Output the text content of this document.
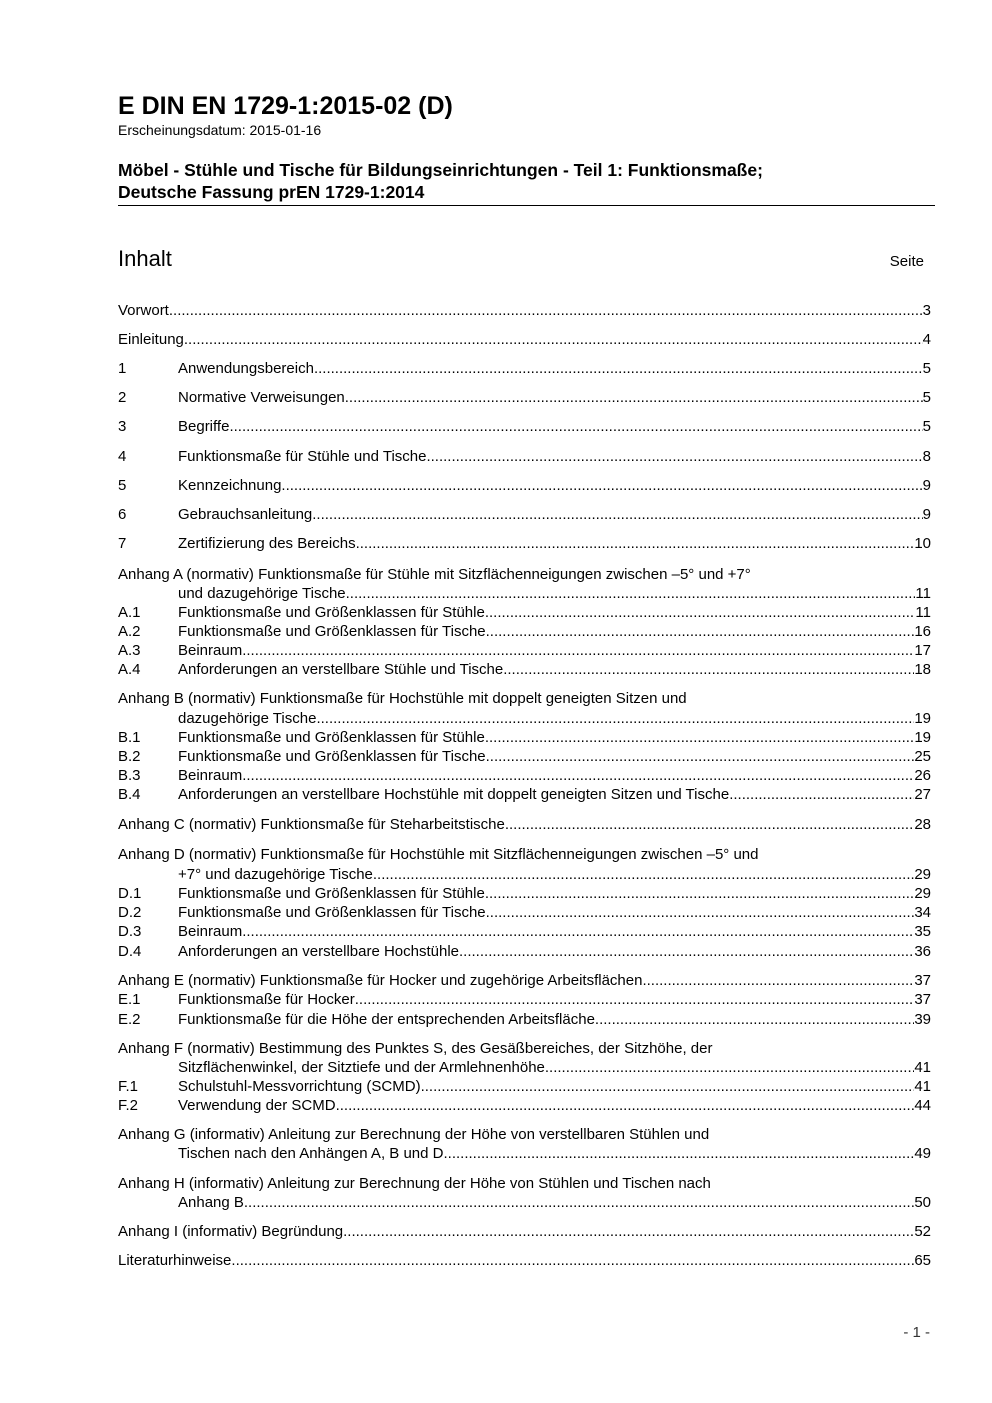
E DIN EN 1729-1:2015-02 (D)
Erscheinungsdatum: 2015-01-16
Möbel - Stühle und Tische für Bildungseinrichtungen - Teil 1: Funktionsmaße;
Deutsche Fassung prEN 1729-1:2014
Inhalt	Seite
Vorwort .....	3
Einleitung .....	4
1	Anwendungsbereich .....	5
2	Normative Verweisungen .....	5
3	Begriffe .....	5
4	Funktionsmaße für Stühle und Tische .....	8
5	Kennzeichnung .....	9
6	Gebrauchsanleitung .....	9
7	Zertifizierung des Bereichs .....	10
Anhang A (normativ) Funktionsmaße für Stühle mit Sitzflächenneigungen zwischen –5° und +7°
und dazugehörige Tische .....	11
A.1	Funktionsmaße und Größenklassen für Stühle .....	11
A.2	Funktionsmaße und Größenklassen für Tische .....	16
A.3	Beinraum .....	17
A.4	Anforderungen an verstellbare Stühle und Tische .....	18
Anhang B (normativ) Funktionsmaße für Hochstühle mit doppelt geneigten Sitzen und
dazugehörige Tische .....	19
B.1	Funktionsmaße und Größenklassen für Stühle .....	19
B.2	Funktionsmaße und Größenklassen für Tische .....	25
B.3	Beinraum .....	26
B.4	Anforderungen an verstellbare Hochstühle mit doppelt geneigten Sitzen und Tische .....	27
Anhang C (normativ) Funktionsmaße für Steharbeitstische .....	28
Anhang D (normativ) Funktionsmaße für Hochstühle mit Sitzflächenneigungen zwischen –5° und
+7° und dazugehörige Tische .....	29
D.1	Funktionsmaße und Größenklassen für Stühle .....	29
D.2	Funktionsmaße und Größenklassen für Tische .....	34
D.3	Beinraum .....	35
D.4	Anforderungen an verstellbare Hochstühle .....	36
Anhang E (normativ) Funktionsmaße für Hocker und zugehörige Arbeitsflächen .....	37
E.1	Funktionsmaße für Hocker .....	37
E.2	Funktionsmaße für die Höhe der entsprechenden Arbeitsfläche .....	39
Anhang F (normativ) Bestimmung des Punktes S, des Gesäßbereiches, der Sitzhöhe, der
Sitzflächenwinkel, der Sitztiefe und der Armlehnenhöhe .....	41
F.1	Schulstuhl-Messvorrichtung (SCMD) .....	41
F.2	Verwendung der SCMD .....	44
Anhang G (informativ) Anleitung zur Berechnung der Höhe von verstellbaren Stühlen und
Tischen nach den Anhängen A, B und D .....	49
Anhang H (informativ) Anleitung zur Berechnung der Höhe von Stühlen und Tischen nach
Anhang B .....	50
Anhang I (informativ) Begründung .....	52
Literaturhinweise .....	65
- 1 -
